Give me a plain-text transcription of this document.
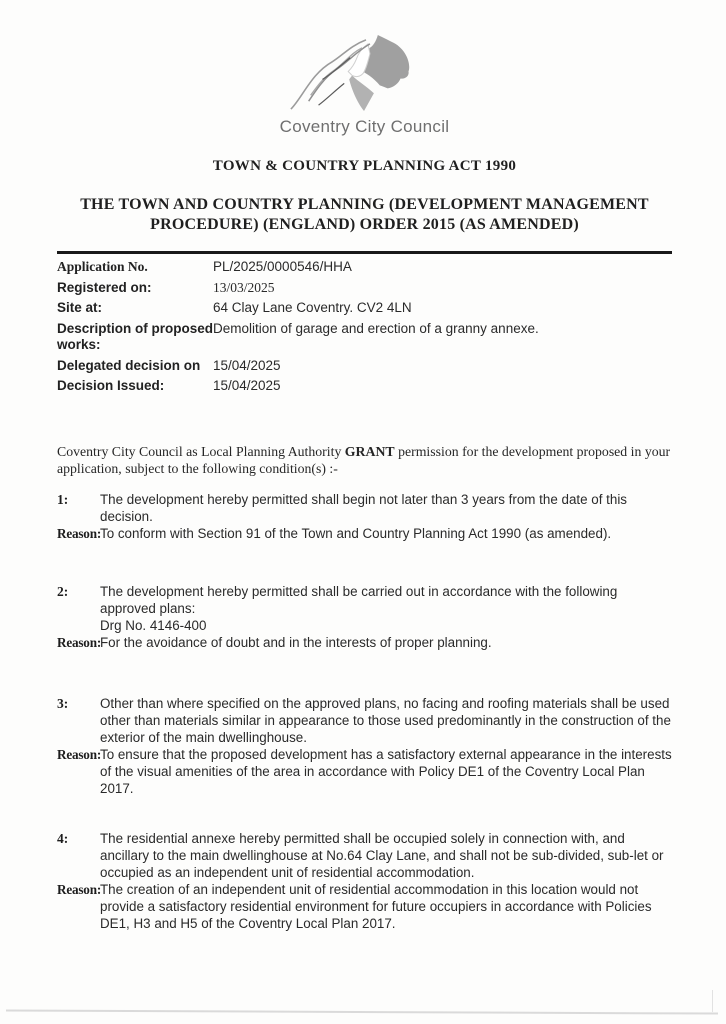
Coventry City Council
TOWN & COUNTRY PLANNING ACT 1990
THE TOWN AND COUNTRY PLANNING (DEVELOPMENT MANAGEMENT PROCEDURE) (ENGLAND) ORDER 2015 (AS AMENDED)
Application No.	PL/2025/0000546/HHA
Registered on:	13/03/2025
Site at:	64 Clay Lane Coventry. CV2 4LN
Description of proposed works:
Demolition of garage and erection of a granny annexe.
Delegated decision on 15/04/2025
Decision Issued:	15/04/2025

Coventry City Council as Local Planning Authority GRANT permission for the development proposed in your application, subject to the following condition(s) :-

1: The development hereby permitted shall begin not later than 3 years from the date of this decision.
Reason:
To conform with Section 91 of the Town and Country Planning Act 1990 (as amended).
2: The development hereby permitted shall be carried out in accordance with the following approved plans:
Drg No. 4146-400
Reason:
For the avoidance of doubt and in the interests of proper planning.
3: Other than where specified on the approved plans, no facing and roofing materials shall be used other than materials similar in appearance to those used predominantly in the construction of the exterior of the main dwellinghouse.
Reason:
To ensure that the proposed development has a satisfactory external appearance in the interests of the visual amenities of the area in accordance with Policy DE1 of the Coventry Local Plan 2017.
4: The residential annexe hereby permitted shall be occupied solely in connection with, and ancillary to the main dwellinghouse at No.64 Clay Lane, and shall not be sub-divided, sub-let or occupied as an independent unit of residential accommodation.
Reason:
The creation of an independent unit of residential accommodation in this location would not provide a satisfactory residential environment for future occupiers in accordance with Policies DE1, H3 and H5 of the Coventry Local Plan 2017.
